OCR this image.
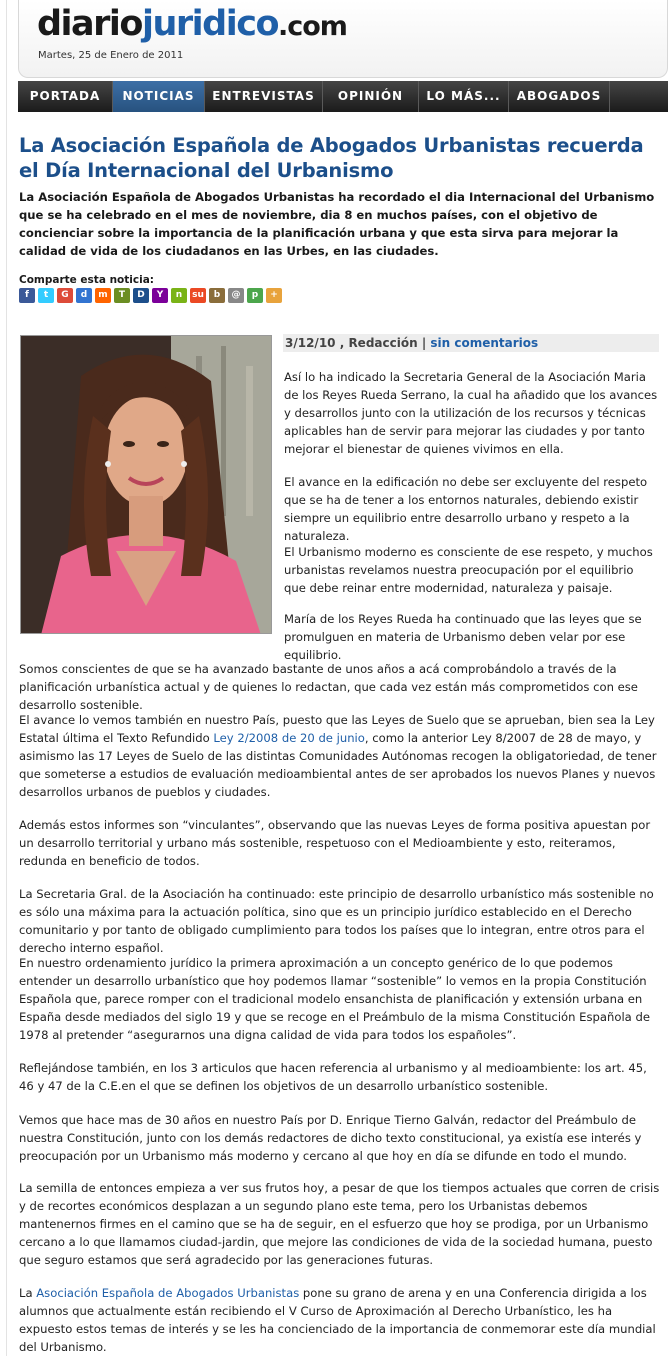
diariojuridico.com
Martes, 25 de Enero de 2011
PORTADA	NOTICIAS	ENTREVISTAS	OPINIÓN	LO MÁS...	ABOGADOS
La Asociación Española de Abogados Urbanistas recuerda el Día Internacional del Urbanismo

La Asociación Española de Abogados Urbanistas ha recordado el dia Internacional del Urbanismo que se ha celebrado en el mes de noviembre, dia 8 en muchos países, con el objetivo de concienciar sobre la importancia de la planificación urbana y que esta sirva para mejorar la calidad de vida de los ciudadanos en las Urbes, en las ciudades.

Comparte esta noticia:
f	t	G	d	m	T	D	Y	n	su	b	@	p	+
3/12/10 , Redacción | sin comentarios

Así lo ha indicado la Secretaria General de la Asociación Maria de los Reyes Rueda Serrano, la cual ha añadido que los avances y desarrollos junto con la utilización de los recursos y técnicas aplicables han de servir para mejorar las ciudades y por tanto mejorar el bienestar de quienes vivimos en ella.

El avance en la edificación no debe ser excluyente del respeto que se ha de tener a los entornos naturales, debiendo existir siempre un equilibrio entre desarrollo urbano y respeto a la naturaleza.

El Urbanismo moderno es consciente de ese respeto, y muchos urbanistas revelamos nuestra preocupación por el equilibrio que debe reinar entre modernidad, naturaleza y paisaje.

María de los Reyes Rueda ha continuado que las leyes que se promulguen en materia de Urbanismo deben velar por ese equilibrio.

Somos conscientes de que se ha avanzado bastante de unos años a acá comprobándolo a través de la planificación urbanística actual y de quienes lo redactan, que cada vez están más comprometidos con ese desarrollo sostenible.

El avance lo vemos también en nuestro País, puesto que las Leyes de Suelo que se aprueban, bien sea la Ley Estatal última el Texto Refundido Ley 2/2008 de 20 de junio, como la anterior Ley 8/2007 de 28 de mayo, y asimismo las 17 Leyes de Suelo de las distintas Comunidades Autónomas recogen la obligatoriedad, de tener que someterse a estudios de evaluación medioambiental antes de ser aprobados los nuevos Planes y nuevos desarrollos urbanos de pueblos y ciudades.

Además estos informes son “vinculantes”, observando que las nuevas Leyes de forma positiva apuestan por un desarrollo territorial y urbano más sostenible, respetuoso con el Medioambiente y esto, reiteramos, redunda en beneficio de todos.

La Secretaria Gral. de la Asociación ha continuado: este principio de desarrollo urbanístico más sostenible no es sólo una máxima para la actuación política, sino que es un principio jurídico establecido en el Derecho comunitario y por tanto de obligado cumplimiento para todos los países que lo integran, entre otros para el derecho interno español.

En nuestro ordenamiento jurídico la primera aproximación a un concepto genérico de lo que podemos entender un desarrollo urbanístico que hoy podemos llamar “sostenible” lo vemos en la propia Constitución Española que, parece romper con el tradicional modelo ensanchista de planificación y extensión urbana en España desde mediados del siglo 19 y que se recoge en el Preámbulo de la misma Constitución Española de 1978 al pretender “asegurarnos una digna calidad de vida para todos los españoles”.

Reflejándose también, en los 3 articulos que hacen referencia al urbanismo y al medioambiente: los art. 45, 46 y 47 de la C.E.en el que se definen los objetivos de un desarrollo urbanístico sostenible.

Vemos que hace mas de 30 años en nuestro País por D. Enrique Tierno Galván, redactor del Preámbulo de nuestra Constitución, junto con los demás redactores de dicho texto constitucional, ya existía ese interés y preocupación por un Urbanismo más moderno y cercano al que hoy en día se difunde en todo el mundo.

La semilla de entonces empieza a ver sus frutos hoy, a pesar de que los tiempos actuales que corren de crisis y de recortes económicos desplazan a un segundo plano este tema, pero los Urbanistas debemos mantenernos firmes en el camino que se ha de seguir, en el esfuerzo que hoy se prodiga, por un Urbanismo cercano a lo que llamamos ciudad-jardin, que mejore las condiciones de vida de la sociedad humana, puesto que seguro estamos que será agradecido por las generaciones futuras.

La Asociación Española de Abogados Urbanistas pone su grano de arena y en una Conferencia dirigida a los alumnos que actualmente están recibiendo el V Curso de Aproximación al Derecho Urbanístico, les ha expuesto estos temas de interés y se les ha concienciado de la importancia de conmemorar este día mundial del Urbanismo.
